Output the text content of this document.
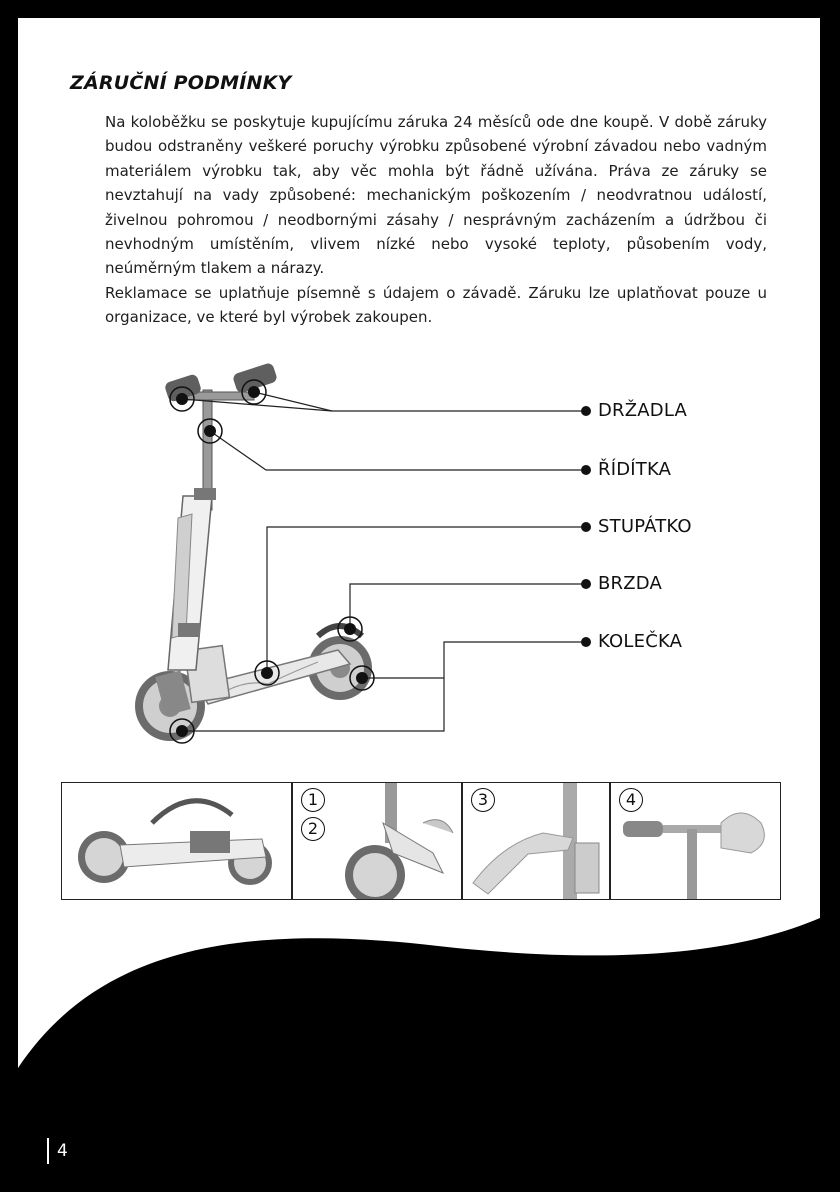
ZÁRUČNÍ PODMÍNKY

Na koloběžku se poskytuje kupujícímu záruka 24 měsíců ode dne koupě. V době záruky budou odstraněny veškeré poruchy výrobku způsobené výrobní závadou nebo vadným materiálem výrobku tak, aby věc mohla být řádně užívána. Práva ze záruky se nevztahují na vady způsobené: mechanickým poškozením / neodvratnou událostí, živelnou pohromou / neodbornými zásahy / nesprávným zacházením a údržbou či nevhodným umístěním, vlivem nízké nebo vysoké teploty, působením vody, neúměrným tlakem a nárazy.

Reklamace se uplatňuje písemně s údajem o závadě. Záruku lze uplatňovat pouze u organizace, ve které byl výrobek zakoupen.

DRŽADLA
ŘÍDÍTKA
STUPÁTKO
BRZDA
KOLEČKA
1
2
3	4
4
